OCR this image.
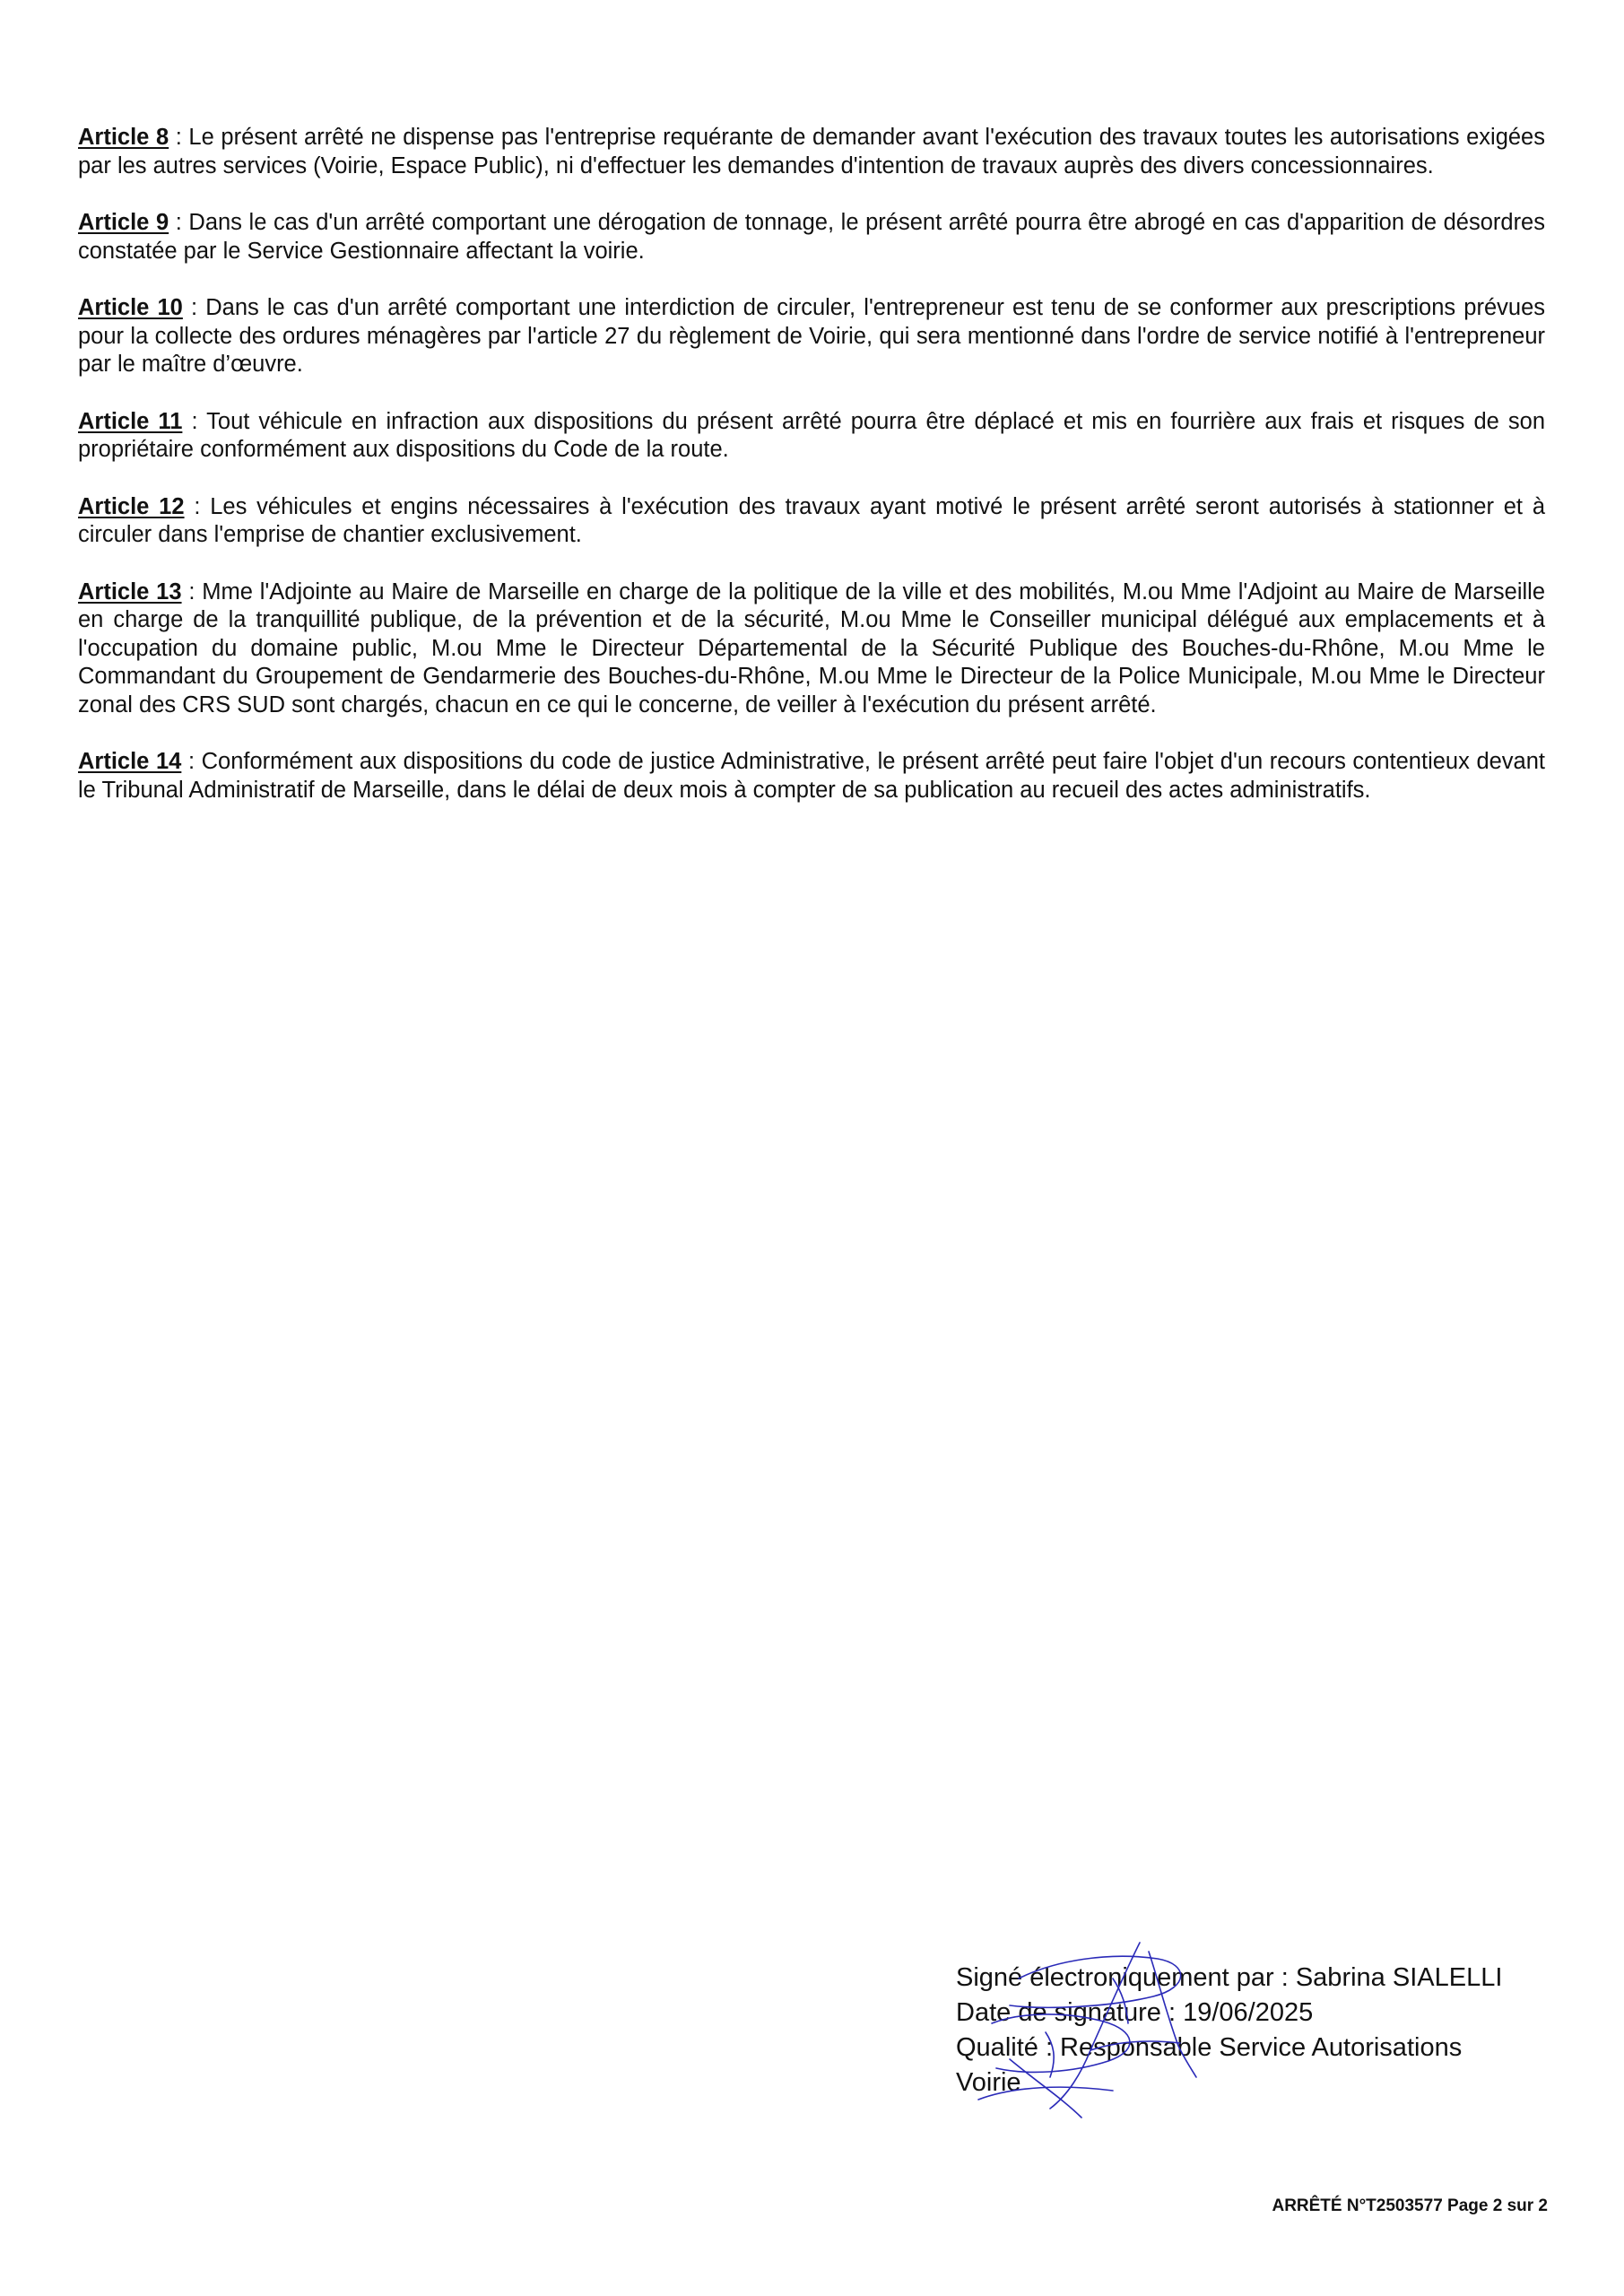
Article 8 : Le présent arrêté ne dispense pas l'entreprise requérante de demander avant l'exécution des travaux toutes les autorisations exigées par les autres services (Voirie, Espace Public), ni d'effectuer les demandes d'intention de travaux auprès des divers concessionnaires.

Article 9 : Dans le cas d'un arrêté comportant une dérogation de tonnage, le présent arrêté pourra être abrogé en cas d'apparition de désordres constatée par le Service Gestionnaire affectant la voirie.

Article 10 : Dans le cas d'un arrêté comportant une interdiction de circuler, l'entrepreneur est tenu de se conformer aux prescriptions prévues pour la collecte des ordures ménagères par l'article 27 du règlement de Voirie, qui sera mentionné dans l'ordre de service notifié à l'entrepreneur par le maître d’œuvre.

Article 11 : Tout véhicule en infraction aux dispositions du présent arrêté pourra être déplacé et mis en fourrière aux frais et risques de son propriétaire conformément aux dispositions du Code de la route.

Article 12 : Les véhicules et engins nécessaires à l'exécution des travaux ayant motivé le présent arrêté seront autorisés à stationner et à circuler dans l'emprise de chantier exclusivement.

Article 13 : Mme l'Adjointe au Maire de Marseille en charge de la politique de la ville et des mobilités, M.ou Mme l'Adjoint au Maire de Marseille en charge de la tranquillité publique, de la prévention et de la sécurité, M.ou Mme le Conseiller municipal délégué aux emplacements et à l'occupation du domaine public, M.ou Mme le Directeur Départemental de la Sécurité Publique des Bouches-du-Rhône, M.ou Mme le Commandant du Groupement de Gendarmerie des Bouches-du-Rhône, M.ou Mme le Directeur de la Police Municipale, M.ou Mme le Directeur zonal des CRS SUD sont chargés, chacun en ce qui le concerne, de veiller à l'exécution du présent arrêté.

Article 14 : Conformément aux dispositions du code de justice Administrative, le présent arrêté peut faire l'objet d'un recours contentieux devant le Tribunal Administratif de Marseille, dans le délai de deux mois à compter de sa publication au recueil des actes administratifs.

Signé électroniquement par : Sabrina SIALELLI
Date de signature : 19/06/2025
Qualité : Responsable Service Autorisations
Voirie
ARRÊTÉ N°T2503577 Page 2 sur 2
